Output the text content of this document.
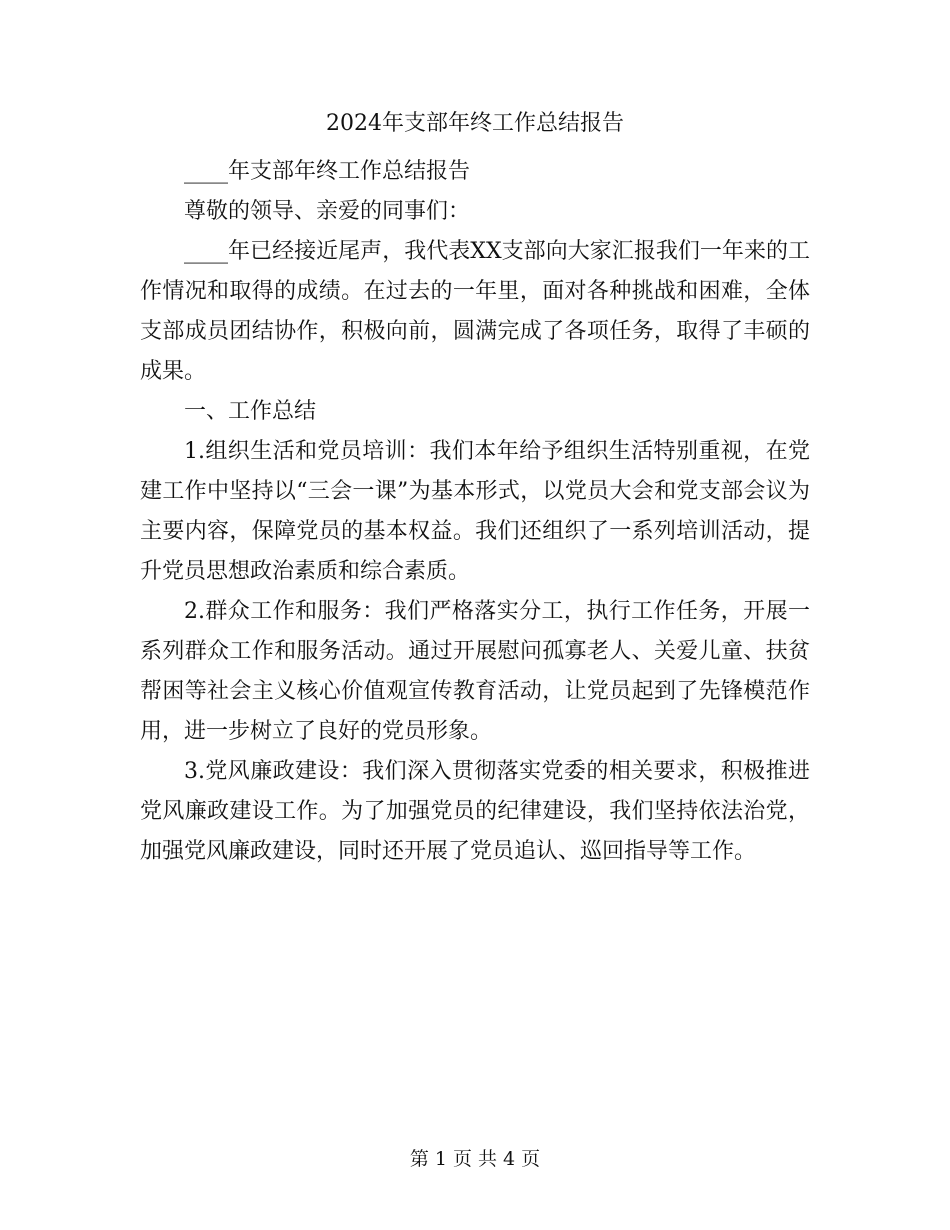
2024年支部年终工作总结报告

____年支部年终工作总结报告

尊敬的领导、亲爱的同事们：

____年已经接近尾声，我代表XX支部向大家汇报我们一年来的工作情况和取得的成绩。在过去的一年里，面对各种挑战和困难，全体支部成员团结协作，积极向前，圆满完成了各项任务，取得了丰硕的成果。

一、工作总结

1.组织生活和党员培训：我们本年给予组织生活特别重视，在党建工作中坚持以“三会一课”为基本形式，以党员大会和党支部会议为主要内容，保障党员的基本权益。我们还组织了一系列培训活动，提升党员思想政治素质和综合素质。

2.群众工作和服务：我们严格落实分工，执行工作任务，开展一系列群众工作和服务活动。通过开展慰问孤寡老人、关爱儿童、扶贫帮困等社会主义核心价值观宣传教育活动，让党员起到了先锋模范作用，进一步树立了良好的党员形象。

3.党风廉政建设：我们深入贯彻落实党委的相关要求，积极推进党风廉政建设工作。为了加强党员的纪律建设，我们坚持依法治党，加强党风廉政建设，同时还开展了党员追认、巡回指导等工作。

第 1 页 共 4 页
